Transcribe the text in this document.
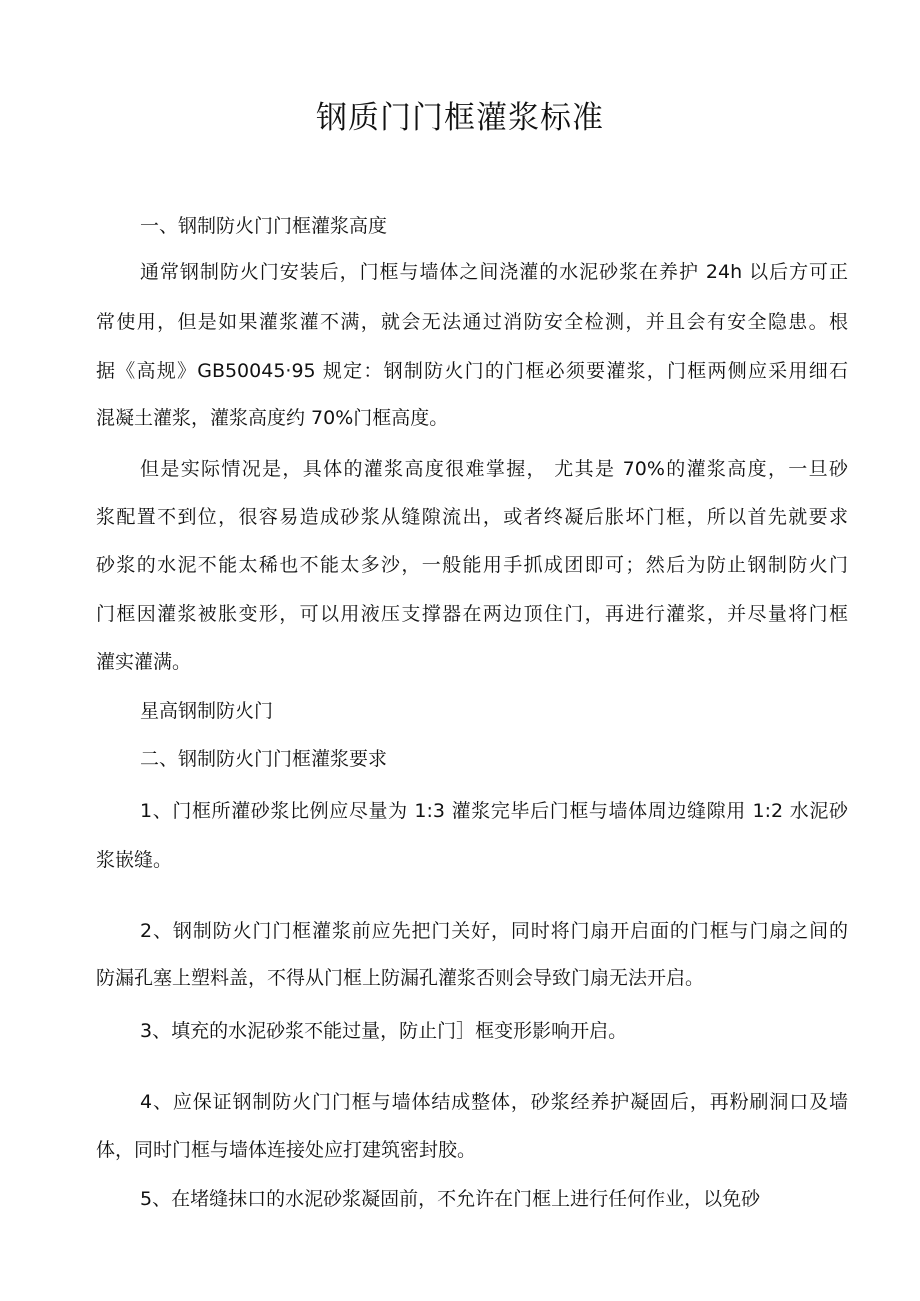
钢质门门框灌浆标准

一、钢制防火门门框灌浆高度

通常钢制防火门安装后，门框与墙体之间浇灌的水泥砂浆在养护 24h 以后方可正

常使用，但是如果灌浆灌不满，就会无法通过消防安全检测，并且会有安全隐患。根

据《高规》GB50045·95 规定：钢制防火门的门框必须要灌浆，门框两侧应采用细石

混凝土灌浆，灌浆高度约 70%门框高度。

但是实际情况是，具体的灌浆高度很难掌握， 尤其是 70%的灌浆高度，一旦砂

浆配置不到位，很容易造成砂浆从缝隙流出，或者终凝后胀坏门框，所以首先就要求

砂浆的水泥不能太稀也不能太多沙，一般能用手抓成团即可；然后为防止钢制防火门

门框因灌浆被胀变形，可以用液压支撑器在两边顶住门，再进行灌浆，并尽量将门框

灌实灌满。

星高钢制防火门

二、钢制防火门门框灌浆要求

1、门框所灌砂浆比例应尽量为 1:3 灌浆完毕后门框与墙体周边缝隙用 1:2 水泥砂

浆嵌缝。

2、钢制防火门门框灌浆前应先把门关好，同时将门扇开启面的门框与门扇之间的

防漏孔塞上塑料盖，不得从门框上防漏孔灌浆否则会导致门扇无法开启。

3、填充的水泥砂浆不能过量，防止门］框变形影响开启。

4、应保证钢制防火门门框与墙体结成整体，砂浆经养护凝固后，再粉刷洞口及墙

体，同时门框与墙体连接处应打建筑密封胶。

5、在堵缝抹口的水泥砂浆凝固前，不允许在门框上进行任何作业，以免砂
